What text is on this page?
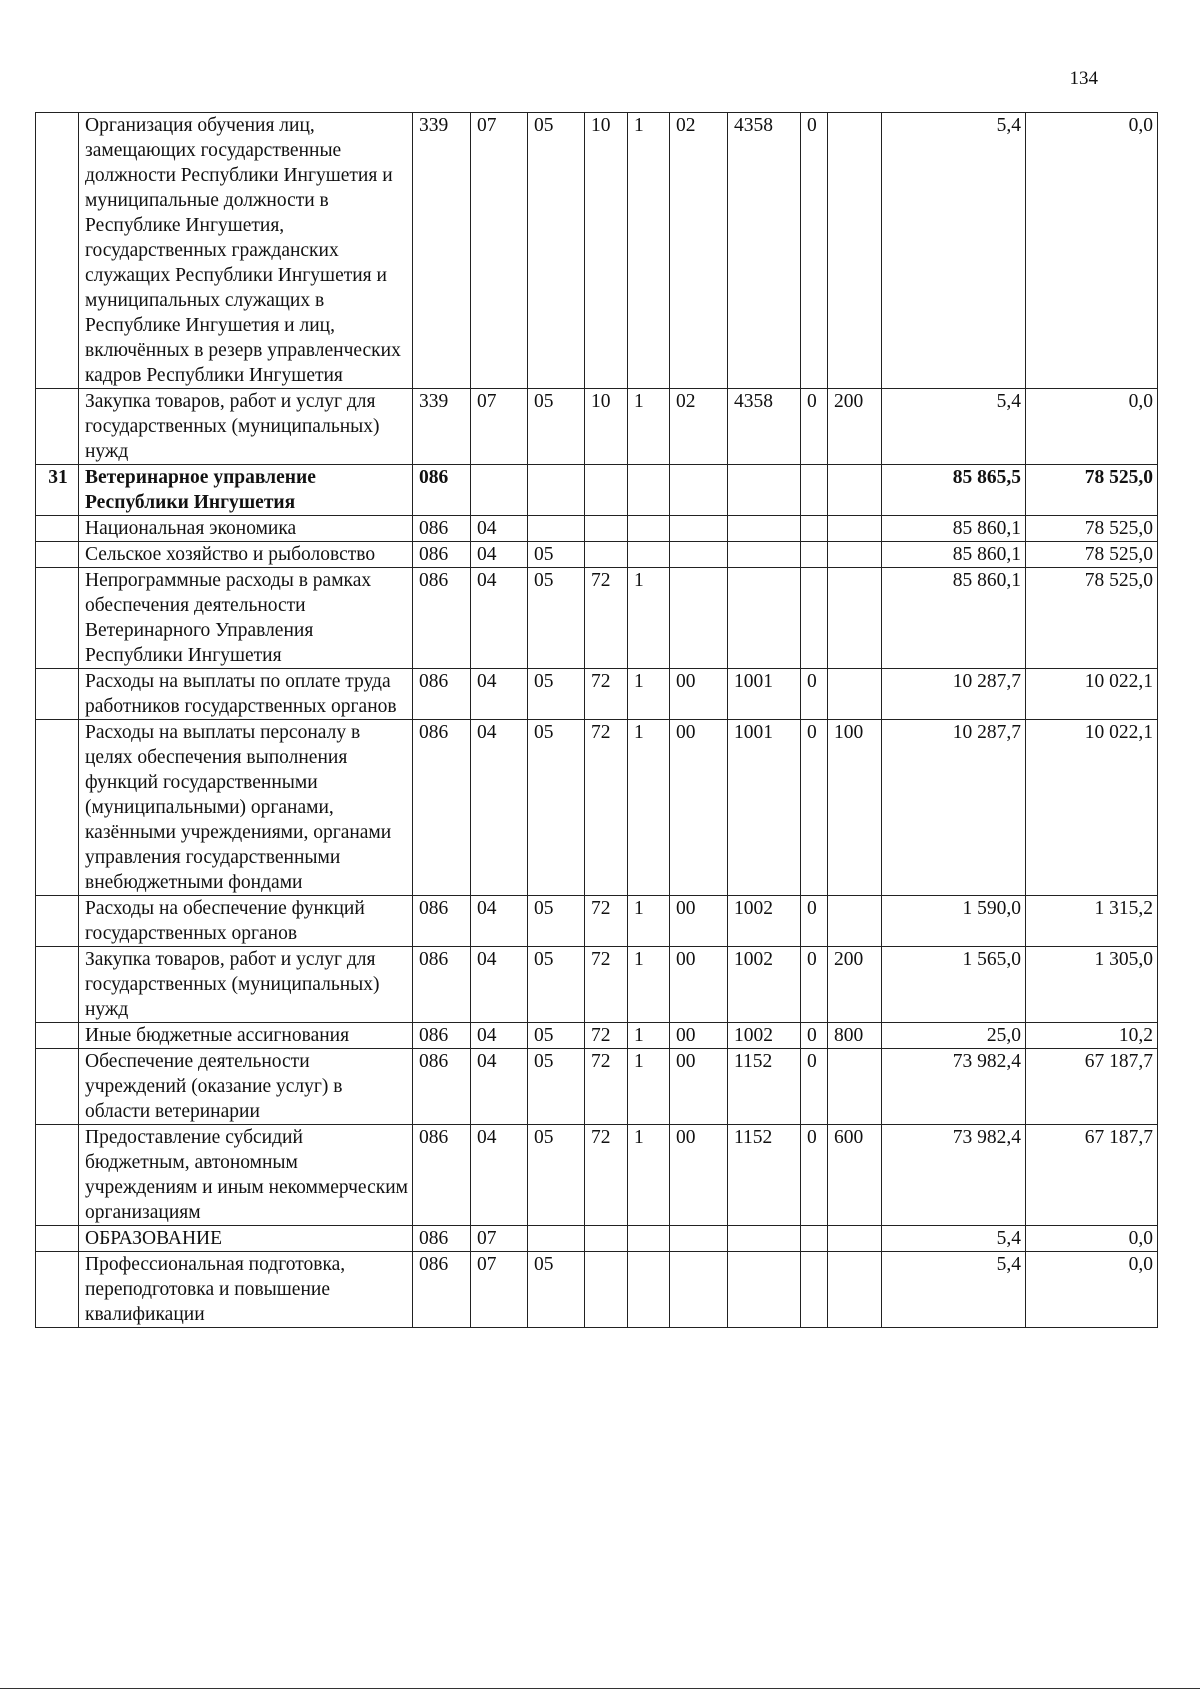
134
	Организация обучения лиц, замещающих государственные должности Республики Ингушетия и муниципальные должности в Республике Ингушетия, государственных гражданских служащих Республики Ингушетия и муниципальных служащих в Республике Ингушетия и лиц, включённых в резерв управленческих кадров Республики Ингушетия	339	07	05	10	1	02	4358	0		5,4	0,0
	Закупка товаров, работ и услуг для государственных (муниципальных) нужд	339	07	05	10	1	02	4358	0	200	5,4	0,0
31	Ветеринарное управление Республики Ингушетия	086									85 865,5	78 525,0
	Национальная экономика	086	04								85 860,1	78 525,0
	Сельское хозяйство и рыболовство	086	04	05							85 860,1	78 525,0
	Непрограммные расходы в рамках обеспечения деятельности Ветеринарного Управления Республики Ингушетия	086	04	05	72	1					85 860,1	78 525,0
	Расходы на выплаты по оплате труда работников государственных органов	086	04	05	72	1	00	1001	0		10 287,7	10 022,1
	Расходы на выплаты персоналу в целях обеспечения выполнения функций государственными (муниципальными) органами, казёнными учреждениями, органами управления государственными внебюджетными фондами	086	04	05	72	1	00	1001	0	100	10 287,7	10 022,1
	Расходы на обеспечение функций государственных органов	086	04	05	72	1	00	1002	0		1 590,0	1 315,2
	Закупка товаров, работ и услуг для государственных (муниципальных) нужд	086	04	05	72	1	00	1002	0	200	1 565,0	1 305,0
	Иные бюджетные ассигнования	086	04	05	72	1	00	1002	0	800	25,0	10,2
	Обеспечение деятельности учреждений (оказание услуг) в области ветеринарии	086	04	05	72	1	00	1152	0		73 982,4	67 187,7
	Предоставление субсидий бюджетным, автономным учреждениям и иным некоммерческим организациям	086	04	05	72	1	00	1152	0	600	73 982,4	67 187,7
	ОБРАЗОВАНИЕ	086	07								5,4	0,0
	Профессиональная подготовка, переподготовка и повышение квалификации	086	07	05							5,4	0,0
